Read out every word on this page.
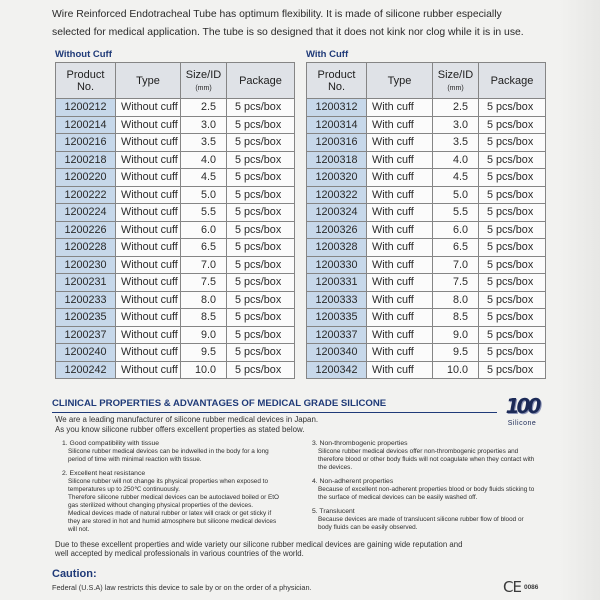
Wire Reinforced Endotracheal Tube has optimum flexibility. It is made of silicone rubber especially
selected for medical application. The tube is so designed that it does not kink nor clog while it is in use.
Without Cuff
Product
No.	Type	Size/ID
(mm)	Package
1200212	Without cuff	2.5	5 pcs/box
1200214	Without cuff	3.0	5 pcs/box
1200216	Without cuff	3.5	5 pcs/box
1200218	Without cuff	4.0	5 pcs/box
1200220	Without cuff	4.5	5 pcs/box
1200222	Without cuff	5.0	5 pcs/box
1200224	Without cuff	5.5	5 pcs/box
1200226	Without cuff	6.0	5 pcs/box
1200228	Without cuff	6.5	5 pcs/box
1200230	Without cuff	7.0	5 pcs/box
1200231	Without cuff	7.5	5 pcs/box
1200233	Without cuff	8.0	5 pcs/box
1200235	Without cuff	8.5	5 pcs/box
1200237	Without cuff	9.0	5 pcs/box
1200240	Without cuff	9.5	5 pcs/box
1200242	Without cuff	10.0	5 pcs/box
With Cuff
Product
No.	Type	Size/ID
(mm)	Package
1200312	With cuff	2.5	5 pcs/box
1200314	With cuff	3.0	5 pcs/box
1200316	With cuff	3.5	5 pcs/box
1200318	With cuff	4.0	5 pcs/box
1200320	With cuff	4.5	5 pcs/box
1200322	With cuff	5.0	5 pcs/box
1200324	With cuff	5.5	5 pcs/box
1200326	With cuff	6.0	5 pcs/box
1200328	With cuff	6.5	5 pcs/box
1200330	With cuff	7.0	5 pcs/box
1200331	With cuff	7.5	5 pcs/box
1200333	With cuff	8.0	5 pcs/box
1200335	With cuff	8.5	5 pcs/box
1200337	With cuff	9.0	5 pcs/box
1200340	With cuff	9.5	5 pcs/box
1200342	With cuff	10.0	5 pcs/box
CLINICAL PROPERTIES & ADVANTAGES OF MEDICAL GRADE SILICONE	100
Silicone
We are a leading manufacturer of silicone rubber medical devices in Japan.
As you know silicone rubber offers excellent properties as stated below.
1. Good compatibility with tissue
Silicone rubber medical devices can be indwelled in the body for a long
period of time with minimal reaction with tissue.
2. Excellent heat resistance
Silicone rubber will not change its physical properties when exposed to
temperatures up to 250℃ continuously.
Therefore silicone rubber medical devices can be autoclaved boiled or EtO
gas sterilized without changing physical properties of the devices.
Medical devices made of natural rubber or latex will crack or get sticky if
they are stored in hot and humid atmosphere but silicone medical devices
will not.
3. Non-thrombogenic properties
Silicone rubber medical devices offer non-thrombogenic properties and
therefore blood or other body fluids will not coagulate when they contact with
the devices.
4. Non-adherent properties
Because of excellent non-adherent properties blood or body fluids sticking to
the surface of medical devices can be easily washed off.
5. Translucent
Because devices are made of translucent silicone rubber flow of blood or
body fluids can be easily observed.
Due to these excellent properties and wide variety our silicone rubber medical devices are gaining wide reputation and
well accepted by medical professionals in various countries of the world.
Caution:
Federal (U.S.A) law restricts this device to sale by or on the order of a physician.	CE 0086
